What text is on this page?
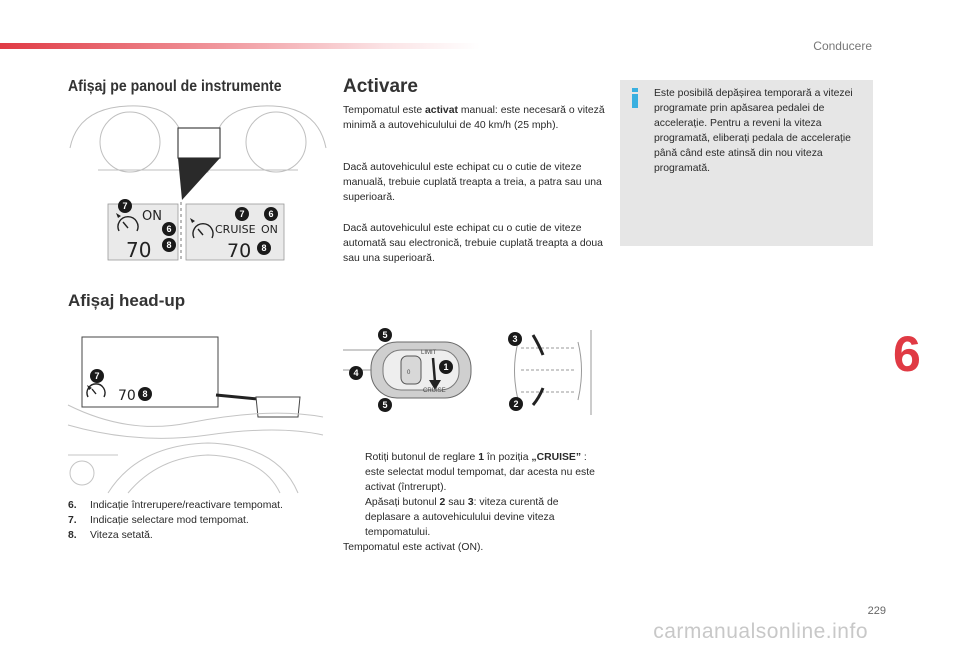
Conducere
Afișaj pe panoul de instrumente
7
6
8
7	6
8
ON
70
CRUISE ON
70
Afișaj head-up
7
8
70
6.	Indicație întrerupere/reactivare tempomat.
7.	Indicație selectare mod tempomat.
8.	Viteza setată.
Activare
Tempomatul este activat manual: este necesară o viteză minimă a autovehiculului de 40 km/h (25 mph).
Dacă autovehiculul este echipat cu o cutie de viteze manuală, trebuie cuplată treapta a treia, a patra sau una superioară.
Dacă autovehiculul este echipat cu o cutie de viteze automată sau electronică, trebuie cuplată treapta a doua sau una superioară.
CRUISE
0
LIMIT
5
4
1
5
3
2
Rotiți butonul de reglare 1 în poziția „CRUISE” : este selectat modul tempomat, dar acesta nu este activat (întrerupt).
Apăsați butonul 2 sau 3: viteza curentă de deplasare a autovehiculului devine viteza tempomatului.
Tempomatul este activat (ON).
Este posibilă depășirea temporară a vitezei programate prin apăsarea pedalei de accelerație. Pentru a reveni la viteza programată, eliberați pedala de accelerație până când este atinsă din nou viteza programată.
6
229
carmanualsonline.info
